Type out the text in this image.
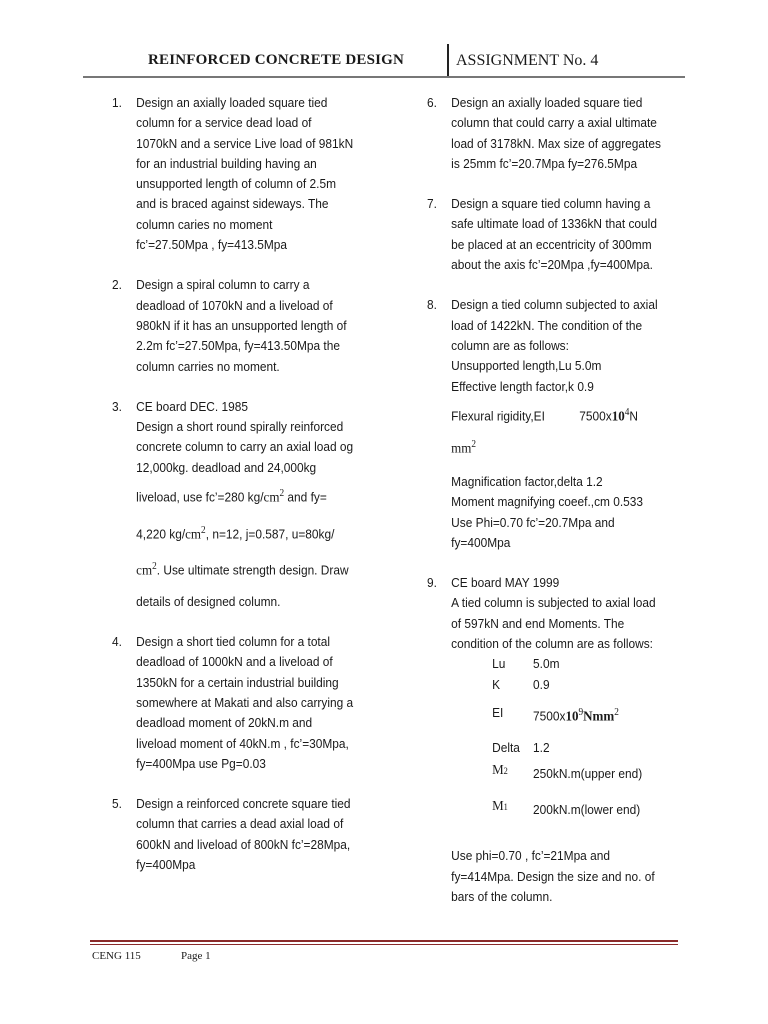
REINFORCED CONCRETE DESIGN	ASSIGNMENT No. 4
1. Design an axially loaded square tied
column for a service dead load of
1070kN and a service Live load of 981kN
for an industrial building having an
unsupported length of column of 2.5m
and is braced against sideways. The
column caries no moment
fc’=27.50Mpa , fy=413.5Mpa
2. Design a spiral column to carry a
deadload of 1070kN and a liveload of
980kN if it has an unsupported length of
2.2m fc’=27.50Mpa, fy=413.50Mpa the
column carries no moment.
3. CE board DEC. 1985
Design a short round spirally reinforced
concrete column to carry an axial load og
12,000kg. deadload and 24,000kg
liveload, use fc’=280 $kg/cm^2$ and fy=
4,220 $kg/cm^2$, n=12, j=0.587, u=80kg/
$cm^2$. Use ultimate strength design. Draw
details of designed column.
4. Design a short tied column for a total
deadload of 1000kN and a liveload of
1350kN for a certain industrial building
somewhere at Makati and also carrying a
deadload moment of 20kN.m and
liveload moment of 40kN.m , fc’=30Mpa,
fy=400Mpa use Pg=0.03
5. Design a reinforced concrete square tied
column that carries a dead axial load of
600kN and liveload of 800kN fc’=28Mpa,
fy=400Mpa
6. Design an axially loaded square tied
column that could carry a axial ultimate
load of 3178kN. Max size of aggregates
is 25mm fc’=20.7Mpa fy=276.5Mpa
7. Design a square tied column having a
safe ultimate load of 1336kN that could
be placed at an eccentricity of 300mm
about the axis fc’=20Mpa ,fy=400Mpa.
8. Design a tied column subjected to axial
load of 1422kN. The condition of the
column are as follows:
Unsupported length,Lu 5.0m
Effective length factor,k 0.9
Flexural rigidity,EI	$7500x10^4N$
$mm^2$
Magnification factor,delta 1.2
Moment magnifying coeef.,cm 0.533
Use Phi=0.70 fc’=20.7Mpa and
fy=400Mpa
9. CE board MAY 1999
A tied column is subjected to axial load
of 597kN and end Moments. The
condition of the column are as follows:
Lu	5.0m
K	0.9
EI	$7500x10^9Nmm^2$
Delta	1.2
M2	250kN.m(upper end)
M1	200kN.m(lower end)
Use phi=0.70 , fc’=21Mpa and
fy=414Mpa. Design the size and no. of
bars of the column.
CENG 115	Page 1
